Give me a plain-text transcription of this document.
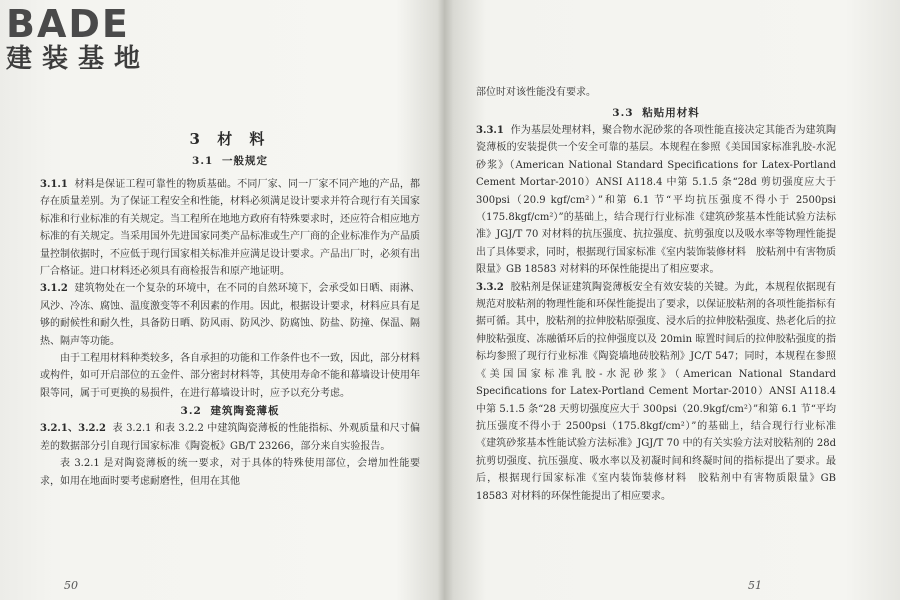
BADE
建装基地
3 材 料
3.1 一般规定

3.1.1 材料是保证工程可靠性的物质基础。不同厂家、同一厂家不同产地的产品，都存在质量差别。为了保证工程安全和性能，材料必须满足设计要求并符合现行有关国家标准和行业标准的有关规定。当工程所在地地方政府有特殊要求时，还应符合相应地方标准的有关规定。当采用国外先进国家同类产品标准或生产厂商的企业标准作为产品质量控制依据时，不应低于现行国家相关标准并应满足设计要求。产品出厂时，必须有出厂合格证。进口材料还必须具有商检报告和原产地证明。

3.1.2 建筑物处在一个复杂的环境中，在不同的自然环境下，会承受如日晒、雨淋、风沙、冷冻、腐蚀、温度激变等不利因素的作用。因此，根据设计要求，材料应具有足够的耐候性和耐久性，具备防日晒、防风雨、防风沙、防腐蚀、防盐、防撞、保温、隔热、隔声等功能。

由于工程用材料种类较多，各自承担的功能和工作条件也不一致，因此，部分材料或构件，如可开启部位的五金件、部分密封材料等，其使用寿命不能和幕墙设计使用年限等同，属于可更换的易损件，在进行幕墙设计时，应予以充分考虑。

3.2 建筑陶瓷薄板

3.2.1、3.2.2 表 3.2.1 和表 3.2.2 中建筑陶瓷薄板的性能指标、外观质量和尺寸偏差的数据部分引自现行国家标准《陶瓷板》GB/T 23266，部分来自实验报告。

表 3.2.1 是对陶瓷薄板的统一要求，对于具体的特殊使用部位，会增加性能要求，如用在地面时要考虑耐磨性，但用在其他

50

部位时对该性能没有要求。

3.3 粘贴用材料

3.3.1 作为基层处理材料，聚合物水泥砂浆的各项性能直接决定其能否为建筑陶瓷薄板的安装提供一个安全可靠的基层。本规程在参照《美国国家标准乳胶-水泥砂浆》（American National Standard Specifications for Latex-Portland Cement Mortar-2010）ANSI A118.4 中第 5.1.5 条“28d 剪切强度应大于 300psi（20.9 kgf/cm²）”和第 6.1 节“平均抗压强度不得小于 2500psi（175.8kgf/cm²）”的基础上，结合现行行业标准《建筑砂浆基本性能试验方法标准》JGJ/T 70 对材料的抗压强度、抗拉强度、抗剪强度以及吸水率等物理性能提出了具体要求，同时，根据现行国家标准《室内装饰装修材料　胶粘剂中有害物质限量》GB 18583 对材料的环保性能提出了相应要求。

3.3.2 胶粘剂是保证建筑陶瓷薄板安全有效安装的关键。为此，本规程依据现有规范对胶粘剂的物理性能和环保性能提出了要求，以保证胶粘剂的各项性能指标有据可循。其中，胶粘剂的拉伸胶粘原强度、浸水后的拉伸胶粘强度、热老化后的拉伸胶粘强度、冻融循环后的拉伸强度以及 20min 晾置时间后的拉伸胶粘强度的指标均参照了现行行业标准《陶瓷墙地砖胶粘剂》JC/T 547；同时，本规程在参照《美国国家标准乳胶-水泥砂浆》（American National Standard Specifications for Latex-Portland Cement Mortar-2010）ANSI A118.4 中第 5.1.5 条“28 天剪切强度应大于 300psi（20.9kgf/cm²）”和第 6.1 节“平均抗压强度不得小于 2500psi（175.8kgf/cm²）”的基础上，结合现行行业标准《建筑砂浆基本性能试验方法标准》JGJ/T 70 中的有关实验方法对胶粘剂的 28d 抗剪切强度、抗压强度、吸水率以及初凝时间和终凝时间的指标提出了要求。最后，根据现行国家标准《室内装饰装修材料　胶粘剂中有害物质限量》GB 18583 对材料的环保性能提出了相应要求。

51
